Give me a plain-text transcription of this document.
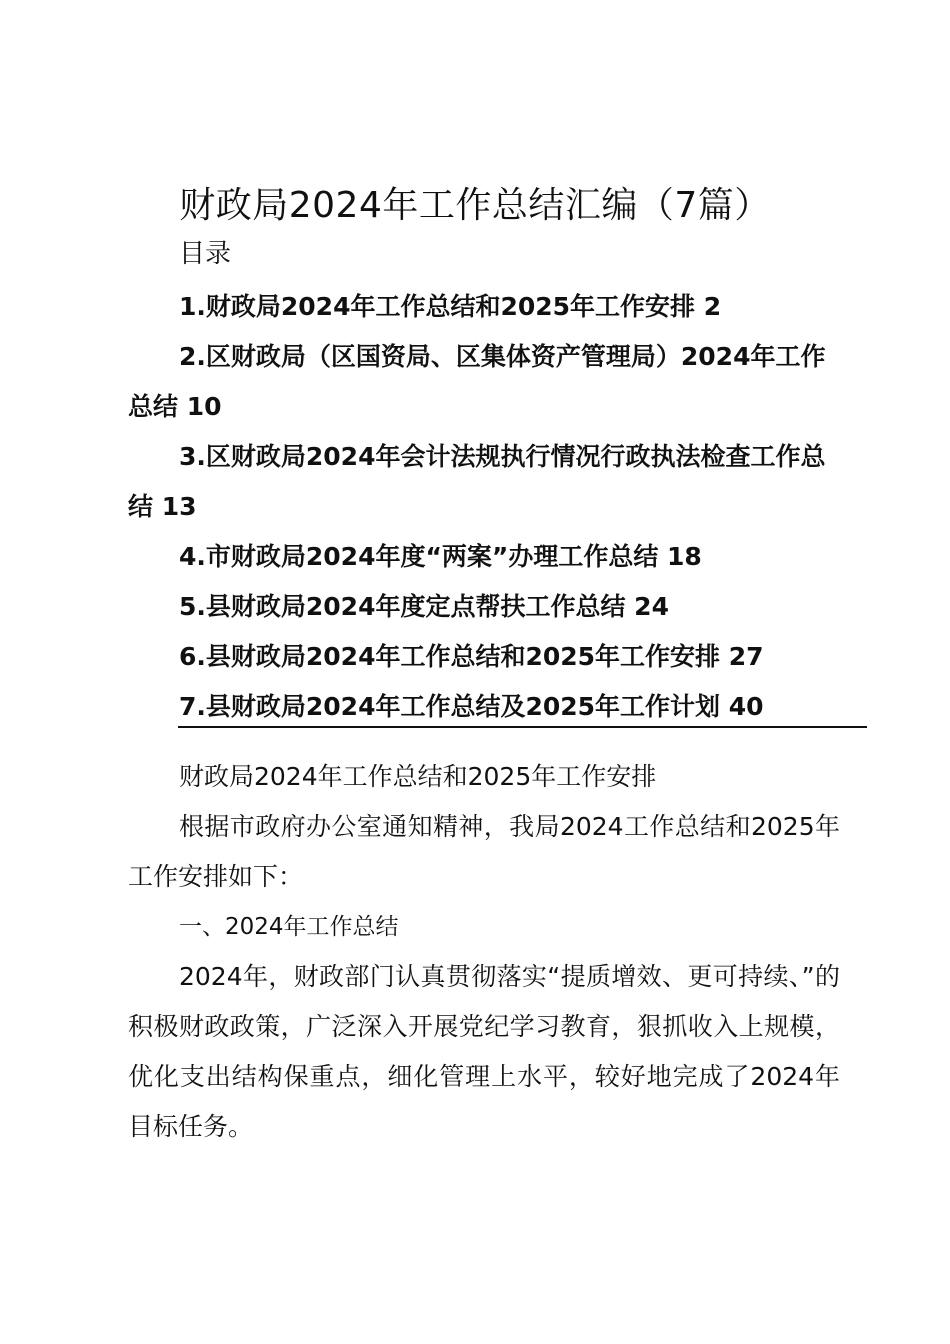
财政局2024年工作总结汇编（7篇）
目录
1.财政局2024年工作总结和2025年工作安排 2
2.区财政局（区国资局、区集体资产管理局）2024年工作总结 10
3.区财政局2024年会计法规执行情况行政执法检查工作总结 13
4.市财政局2024年度“两案”办理工作总结 18
5.县财政局2024年度定点帮扶工作总结 24
6.县财政局2024年工作总结和2025年工作安排 27
7.县财政局2024年工作总结及2025年工作计划 40

财政局2024年工作总结和2025年工作安排

根据市政府办公室通知精神，我局2024工作总结和2025年工作安排如下：

一、2024年工作总结

2024年，财政部门认真贯彻落实“提质增效、更可持续、”的积极财政政策，广泛深入开展党纪学习教育，狠抓收入上规模，优化支出结构保重点，细化管理上水平，较好地完成了2024年目标任务。
